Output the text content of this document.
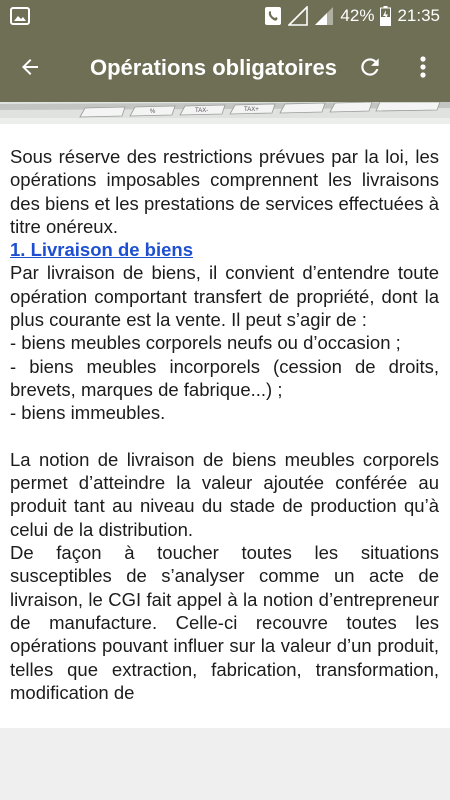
42% 21:35
Opérations obligatoires
%	TAX-	TAX+

Sous réserve des restrictions prévues par la loi, les opérations imposables comprennent les livraisons des biens et les prestations de services effectuées à titre onéreux.

1. Livraison de biens

Par livraison de biens, il convient d’entendre toute opération comportant transfert de propriété, dont la plus courante est la vente. Il peut s’agir de :

- biens meubles corporels neufs ou d’occasion ;

- biens meubles incorporels (cession de droits, brevets, marques de fabrique...) ;

- biens immeubles.

La notion de livraison de biens meubles corporels permet d’atteindre la valeur ajoutée conférée au produit tant au niveau du stade de production qu’à celui de la distribution.

De façon à toucher toutes les situations susceptibles de s’analyser comme un acte de livraison, le CGI fait appel à la notion d’entrepreneur de manufacture. Celle-ci recouvre toutes les opérations pouvant influer sur la valeur d’un produit, telles que extraction, fabrication, transformation, modification de
